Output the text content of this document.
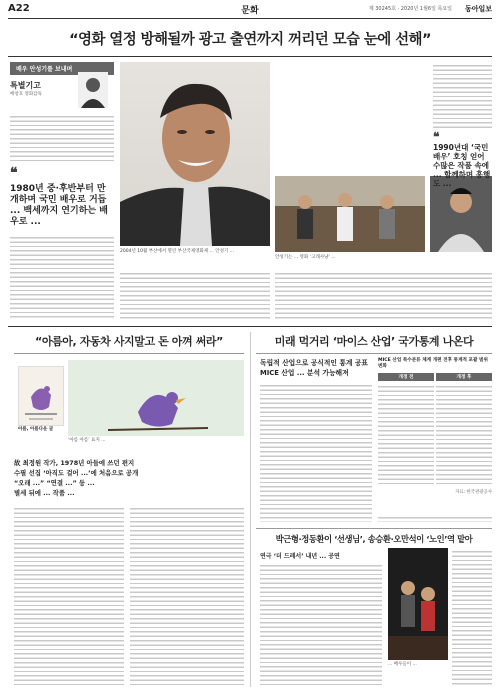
A22	문화	제 30245호 · 2020년 1월6일 목요일 동아일보
“영화 열정 방해될까 광고 출연까지 꺼리던 모습 눈에 선해”
배우 안성기를 보내며
특별기고
배창호 영화감독
❝
1980년 중·후반부터 만개하며 국민 배우로 거듭 ... 백세까지 연기하는 배우로 ...
2004년 10월 부산에서 열린 부산국제영화제 ... 안성기 ...
안성기는 ... 영화 ‘고래사냥’ ...
❝
1990년대 ‘국민 배우’ 호칭 얻어 수많은 작품 속에 ... 함께하며 흥행도 ...
“아름아, 자동차 사지말고 돈 아껴 써라”
아름, 아름다운 글
‘아름 아름’ 표지 ...
故 최정원 작가, 1978년 아들에 쓰던 편지
수필 선집 ‘아직도 걸어 ...’에 처음으로 공개
“오래 ...” “연결 ...” 등 ...
별세 뒤에 ... 작품 ...
미래 먹거리 ‘마이스 산업’ 국가통계 나온다
독립적 산업으로 공식적인 통계 공표
MICE 산업 ... 분석 가능해져
MICE 산업 특수분류 체계 개편 전후 통계적 포괄 범위 변화
개정 전	개정 후
자료: 한국관광공사
박근형·정동환이 ‘선생님’, 송승환·오만석이 ‘노인’역 맡아
연극 ‘더 드레서’ 내년 ... 공연
... 배우들이 ...
